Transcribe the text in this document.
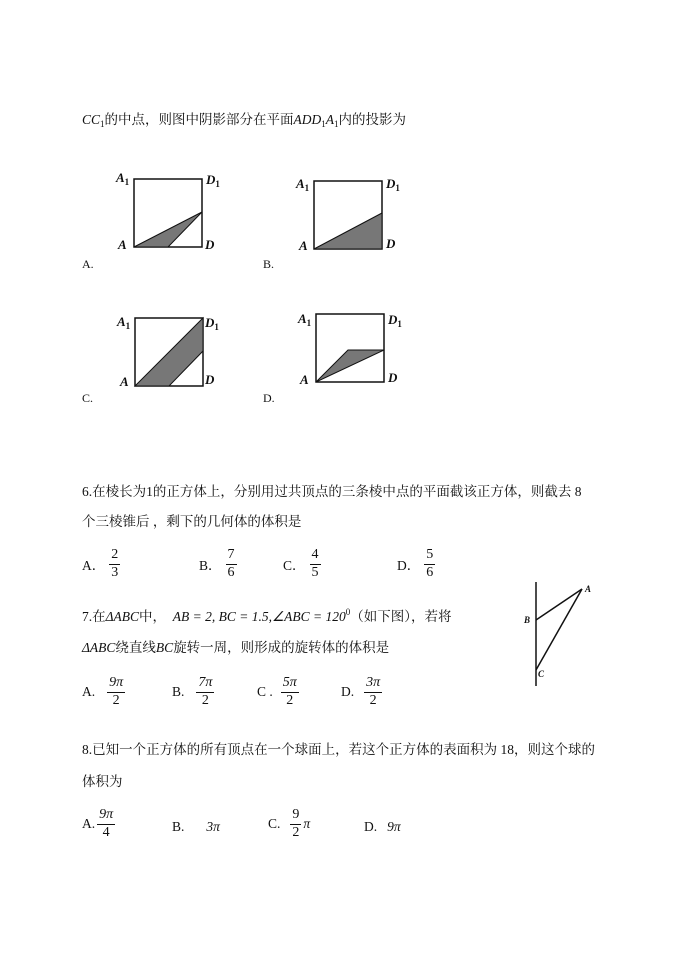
$CC_1$的中点，则图中阴影部分在平面$ADD_1A_1$内的投影为
$A_1$	$D_1$
A	D
$A_1$	$D_1$
A	D
$A_1$	$D_1$
A	D
$A_1$	$D_1$
A	D
A.	B.
C.	D.
6.在棱长为1的正方体上，分别用过共顶点的三条棱中点的平面截该正方体，则截去 8
个三棱锥后 ，剩下的几何体的体积是
A． $\frac{2}{3}$	B． $\frac{7}{6}$	C． $\frac{4}{5}$	D． $\frac{5}{6}$
7.在ΔABC中， AB = 2, BC = 1.5,∠ABC = $120^0$（如下图），若将
ΔABC绕直线BC旋转一周，则形成的旋转体的体积是
A
B
C
A. $\frac{9\pi}{2}$	B. $\frac{7\pi}{2}$	C . $\frac{5\pi}{2}$	D. $\frac{3\pi}{2}$
8.已知一个正方体的所有顶点在一个球面上，若这个正方体的表面积为 18，则这个球的
体积为
A. $\frac{9\pi}{4}$	B. 3π	C. $\frac{9}{2}$ π	D. 9π
